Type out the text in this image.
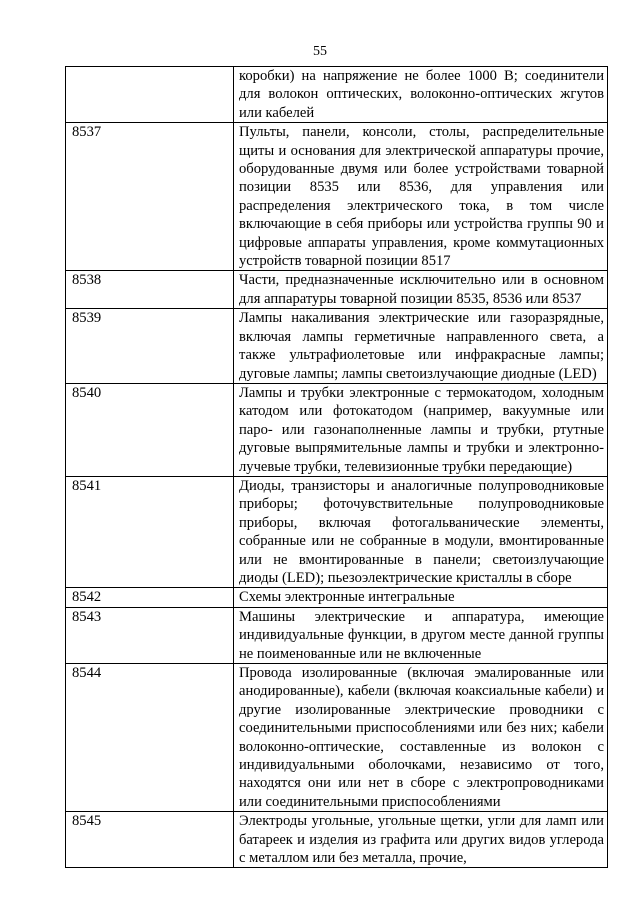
55

	коробки) на напряжение не более 1000 В; соединители для волокон оптических, волоконно-оптических жгутов или кабелей

8537	Пульты, панели, консоли, столы, распределительные щиты и основания для электрической аппаратуры прочие, оборудованные двумя или более устройствами товарной позиции 8535 или 8536, для управления или распределения электрического тока, в том числе включающие в себя приборы или устройства группы 90 и цифровые аппараты управления, кроме коммутационных устройств товарной позиции 8517

8538	Части, предназначенные исключительно или в основном для аппаратуры товарной позиции 8535, 8536 или 8537

8539	Лампы накаливания электрические или газоразрядные, включая лампы герметичные направленного света, а также ультрафиолетовые или инфракрасные лампы; дуговые лампы; лампы светоизлучающие диодные (LED)

8540	Лампы и трубки электронные с термокатодом, холодным катодом или фотокатодом (например, вакуумные или паро- или газонаполненные лампы и трубки, ртутные дуговые выпрямительные лампы и трубки и электронно-лучевые трубки, телевизионные трубки передающие)

8541	Диоды, транзисторы и аналогичные полупроводниковые приборы; фоточувствительные полупроводниковые приборы, включая фотогальванические элементы, собранные или не собранные в модули, вмонтированные или не вмонтированные в панели; светоизлучающие диоды (LED); пьезоэлектрические кристаллы в сборе

8542	Схемы электронные интегральные

8543	Машины электрические и аппаратура, имеющие индивидуальные функции, в другом месте данной группы не поименованные или не включенные

8544	Провода изолированные (включая эмалированные или анодированные), кабели (включая коаксиальные кабели) и другие изолированные электрические проводники с соединительными приспособлениями или без них; кабели волоконно-оптические, составленные из волокон с индивидуальными оболочками, независимо от того, находятся они или нет в сборе с электропроводниками или соединительными приспособлениями

8545	Электроды угольные, угольные щетки, угли для ламп или батареек и изделия из графита или других видов углерода с металлом или без металла, прочие,
